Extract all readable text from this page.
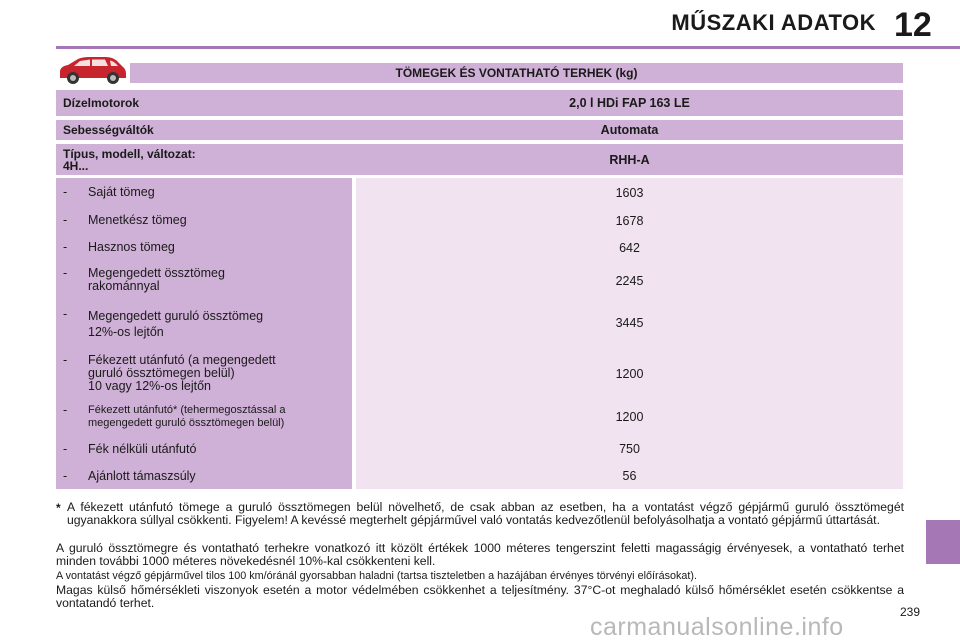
MŰSZAKI ADATOK 12
TÖMEGEK ÉS VONTATHATÓ TERHEK (kg)
Dízelmotorok	2,0 l HDi FAP 163 LE
Sebességváltók	Automata
Típus, modell, változat:
4H...	RHH-A
- Saját tömeg	1603
- Menetkész tömeg	1678
- Hasznos tömeg	642
- Megengedett össztömeg
rakománnyal	2245
- Megengedett guruló össztömeg
12%-os lejtőn
3445
- Fékezett utánfutó (a megengedett
guruló össztömegen belül)
10 vagy 12%-os lejtőn
1200
- Fékezett utánfutó* (tehermegosztással a
megengedett guruló össztömegen belül)	1200
- Fék nélküli utánfutó	750
- Ajánlott támaszsúly	56
* A fékezett utánfutó tömege a guruló össztömegen belül növelhető, de csak abban az esetben, ha a vontatást végző gépjármű guruló össztömegét ugyanakkora súllyal csökkenti. Figyelem! A kevéssé megterhelt gépjárművel való vontatás kedvezőtlenül befolyásolhatja a vontató gépjármű úttartását.
A guruló össztömegre és vontatható terhekre vonatkozó itt közölt értékek 1000 méteres tengerszint feletti magasságig érvényesek, a vontatható terhet minden további 1000 méteres növekedésnél 10%-kal csökkenteni kell.
A vontatást végző gépjárművel tilos 100 km/óránál gyorsabban haladni (tartsa tiszteletben a hazájában érvényes törvényi előírásokat).
Magas külső hőmérsékleti viszonyok esetén a motor védelmében csökkenhet a teljesítmény. 37°C-ot meghaladó külső hőmérséklet esetén csökkentse a vontatandó terhet.
239
carmanualsonline.info
